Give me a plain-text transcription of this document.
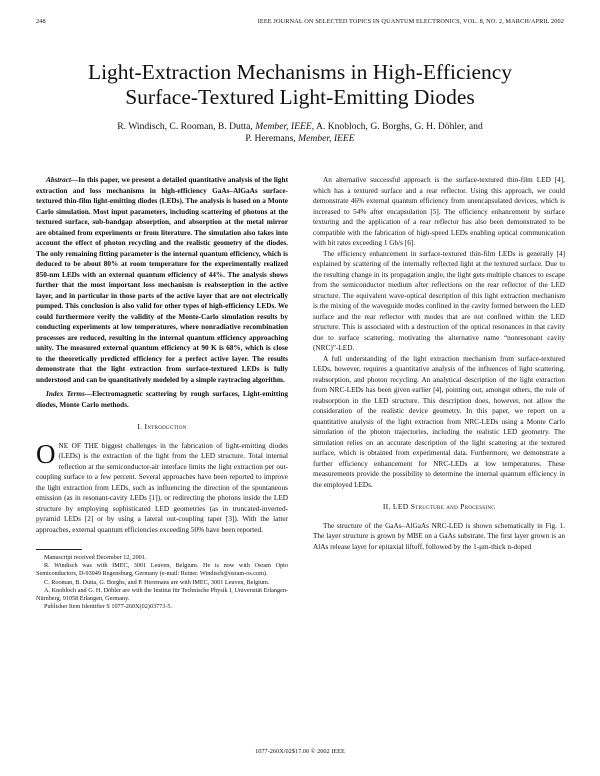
248	IEEE JOURNAL ON SELECTED TOPICS IN QUANTUM ELECTRONICS, VOL. 8, NO. 2, MARCH/APRIL 2002
Light-Extraction Mechanisms in High-Efficiency
Surface-Textured Light-Emitting Diodes
R. Windisch, C. Rooman, B. Dutta, Member, IEEE, A. Knobloch, G. Borghs, G. H. Döhler, and
P. Heremans, Member, IEEE

Abstract—In this paper, we present a detailed quantitative analysis of the light extraction and loss mechanisms in high-efficiency GaAs–AlGaAs surface-textured thin-film light-emitting diodes (LEDs). The analysis is based on a Monte Carlo simulation. Most input parameters, including scattering of photons at the textured surface, sub-bandgap absorption, and absorption at the metal mirror are obtained from experiments or from literature. The simulation also takes into account the effect of photon recycling and the realistic geometry of the diodes. The only remaining fitting parameter is the internal quantum efficiency, which is deduced to be about 80% at room temperature for the experimentally realized 850-nm LEDs with an external quantum efficiency of 44%. The analysis shows further that the most important loss mechanism is reabsorption in the active layer, and in particular in those parts of the active layer that are not electrically pumped. This conclusion is also valid for other types of high-efficiency LEDs. We could furthermore verify the validity of the Monte-Carlo simulation results by conducting experiments at low temperatures, where nonradiative recombination processes are reduced, resulting in the internal quantum efficiency approaching unity. The measured external quantum efficiency at 90 K is 68%, which is close to the theoretically predicted efficiency for a perfect active layer. The results demonstrate that the light extraction from surface-textured LEDs is fully understood and can be quantitatively modeled by a simple raytracing algorithm.

Index Terms—Electromagnetic scattering by rough surfaces, Light-emitting diodes, Monte Carlo methods.

I. Introduction

ONE OF THE biggest challenges in the fabrication of light-emitting diodes (LEDs) is the extraction of the light from the LED structure. Total internal reflection at the semiconductor-air interface limits the light extraction per out-coupling surface to a few percent. Several approaches have been reported to improve the light extraction from LEDs, such as influencing the direction of the spontaneous emission (as in resonant-cavity LEDs [1]), or redirecting the photons inside the LED structure by employing sophisticated LED geometries (as in truncated-inverted-pyramid LEDs [2] or by using a lateral out-coupling taper [3]). With the latter approaches, external quantum efficiencies exceeding 50% have been reported.

Manuscript received December 12, 2001.

R. Windisch was with IMEC, 3001 Leuven, Belgium. He is now with Osram Opto Semiconductors, D-93049 Regensburg, Germany (e-mail: Reiner. Windisch@osram-os.com).

C. Rooman, B. Dutta, G. Borghs, and P. Heremans are with IMEC, 3001 Leuven, Belgium.

A. Knobloch and G. H. Döhler are with the Institut für Technische Physik I, Universität Erlangen-Nürnberg, 91058 Erlangen, Germany.

Publisher Item Identifier S 1077-260X(02)03773-5.

An alternative successful approach is the surface-textured thin-film LED [4], which has a textured surface and a rear reflector. Using this approach, we could demonstrate 46% external quantum efficiency from unencapsulated devices, which is increased to 54% after encapsulation [5]. The efficiency enhancement by surface texturing and the application of a rear reflector has also been demonstrated to be compatible with the fabrication of high-speed LEDs enabling optical communication with bit rates exceeding 1 Gb/s [6].

The efficiency enhancement in surface-textured thin-film LEDs is generally [4] explained by scattering of the internally reflected light at the textured surface. Due to the resulting change in its propagation angle, the light gets multiple chances to escape from the semiconductor medium after reflections on the rear reflector of the LED structure. The equivalent wave-optical description of this light extraction mechanism is the mixing of the waveguide modes confined in the cavity formed between the LED surface and the rear reflector with modes that are not confined within the LED structure. This is associated with a destruction of the optical resonances in that cavity due to surface scattering, motivating the alternative name “nonresonant cavity (NRC)”-LED.

A full understanding of the light extraction mechanism from surface-textured LEDs, however, requires a quantitative analysis of the influences of light scattering, reabsorption, and photon recycling. An analytical description of the light extraction from NRC-LEDs has been given earlier [4], pointing out, amongst others, the role of reabsorption in the LED structure. This description does, however, not allow the consideration of the realistic device geometry. In this paper, we report on a quantitative analysis of the light extraction from NRC-LEDs using a Monte Carlo simulation of the photon trajectories, including the realistic LED geometry. The simulation relies on an accurate description of the light scattering at the textured surface, which is obtained from experimental data. Furthermore, we demonstrate a further efficiency enhancement for NRC-LEDs at low temperatures. These measurements provide the possibility to determine the internal quantum efficiency in the employed LEDs.

II. LED Structure and Processing

The structure of the GaAs–AlGaAs NRC-LED is shown schematically in Fig. 1. The layer structure is grown by MBE on a GaAs substrate. The first layer grown is an AlAs release layer for epitaxial liftoff, followed by the 1-μm-thick n-doped

1077-260X/02$17.00 © 2002 IEEE
